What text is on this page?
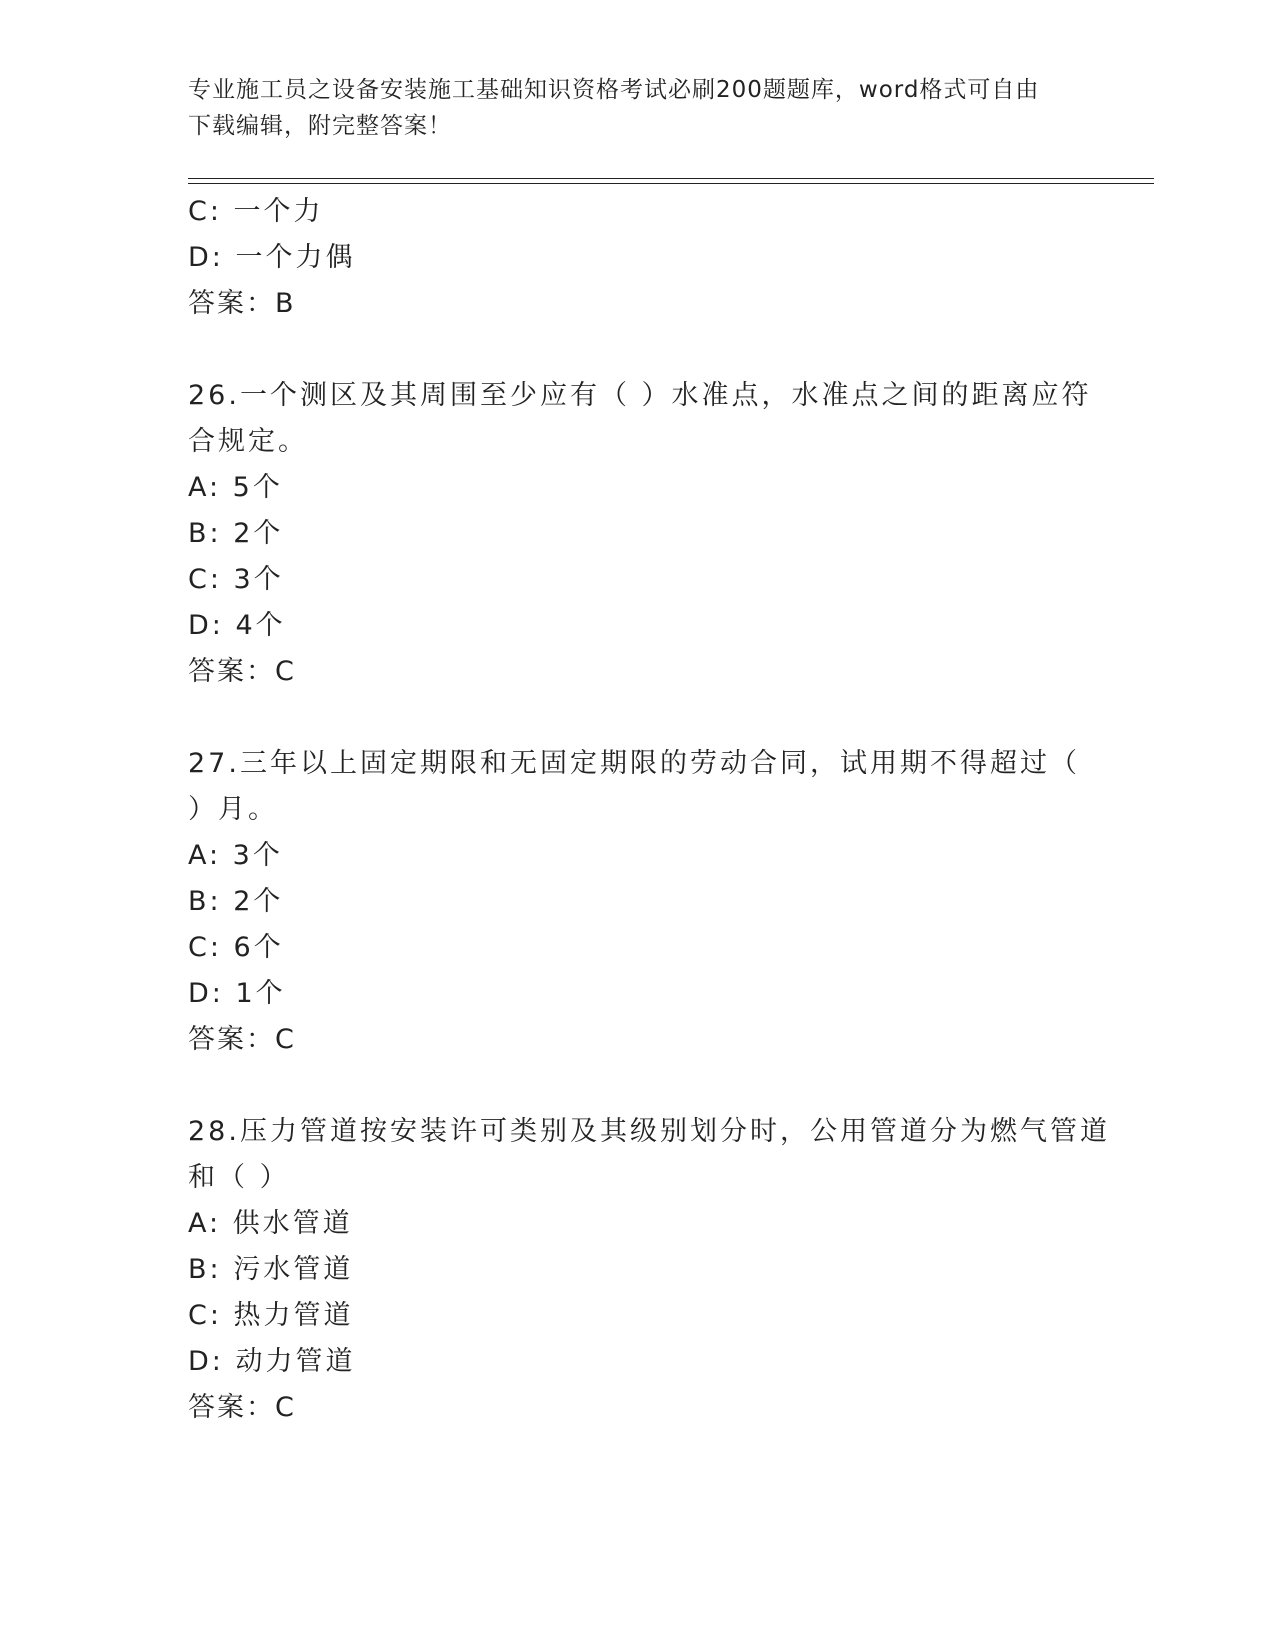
专业施工员之设备安装施工基础知识资格考试必刷200题题库，word格式可自由
下载编辑，附完整答案！
C: 一个力
D: 一个力偶
答案：B
26.一个测区及其周围至少应有（ ）水准点，水准点之间的距离应符
合规定。
A: 5个
B: 2个
C: 3个
D: 4个
答案：C
27.三年以上固定期限和无固定期限的劳动合同，试用期不得超过（
）月。
A: 3个
B: 2个
C: 6个
D: 1个
答案：C
28.压力管道按安装许可类别及其级别划分时，公用管道分为燃气管道
和（ ）
A: 供水管道
B: 污水管道
C: 热力管道
D: 动力管道
答案：C
